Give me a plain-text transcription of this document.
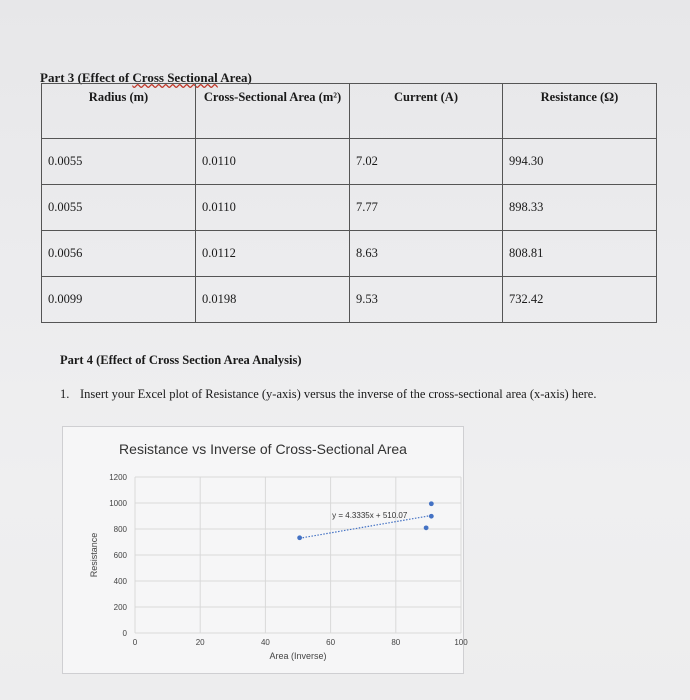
Part 3 (Effect of Cross Sectional Area)
Radius (m)	Cross-Sectional Area (m²)	Current (A)	Resistance (Ω)
0.0055	0.0110	7.02	994.30
0.0055	0.0110	7.77	898.33
0.0056	0.0112	8.63	808.81
0.0099	0.0198	9.53	732.42
Part 4 (Effect of Cross Section Area Analysis)
1. Insert your Excel plot of Resistance (y-axis) versus the inverse of the cross-sectional area (x-axis) here.
Resistance vs Inverse of Cross-Sectional Area
0
200
400
600
800
1000
1200
0	20	40	60	80	100
Area (Inverse)
Resistance
y = 4.3335x + 510.07
